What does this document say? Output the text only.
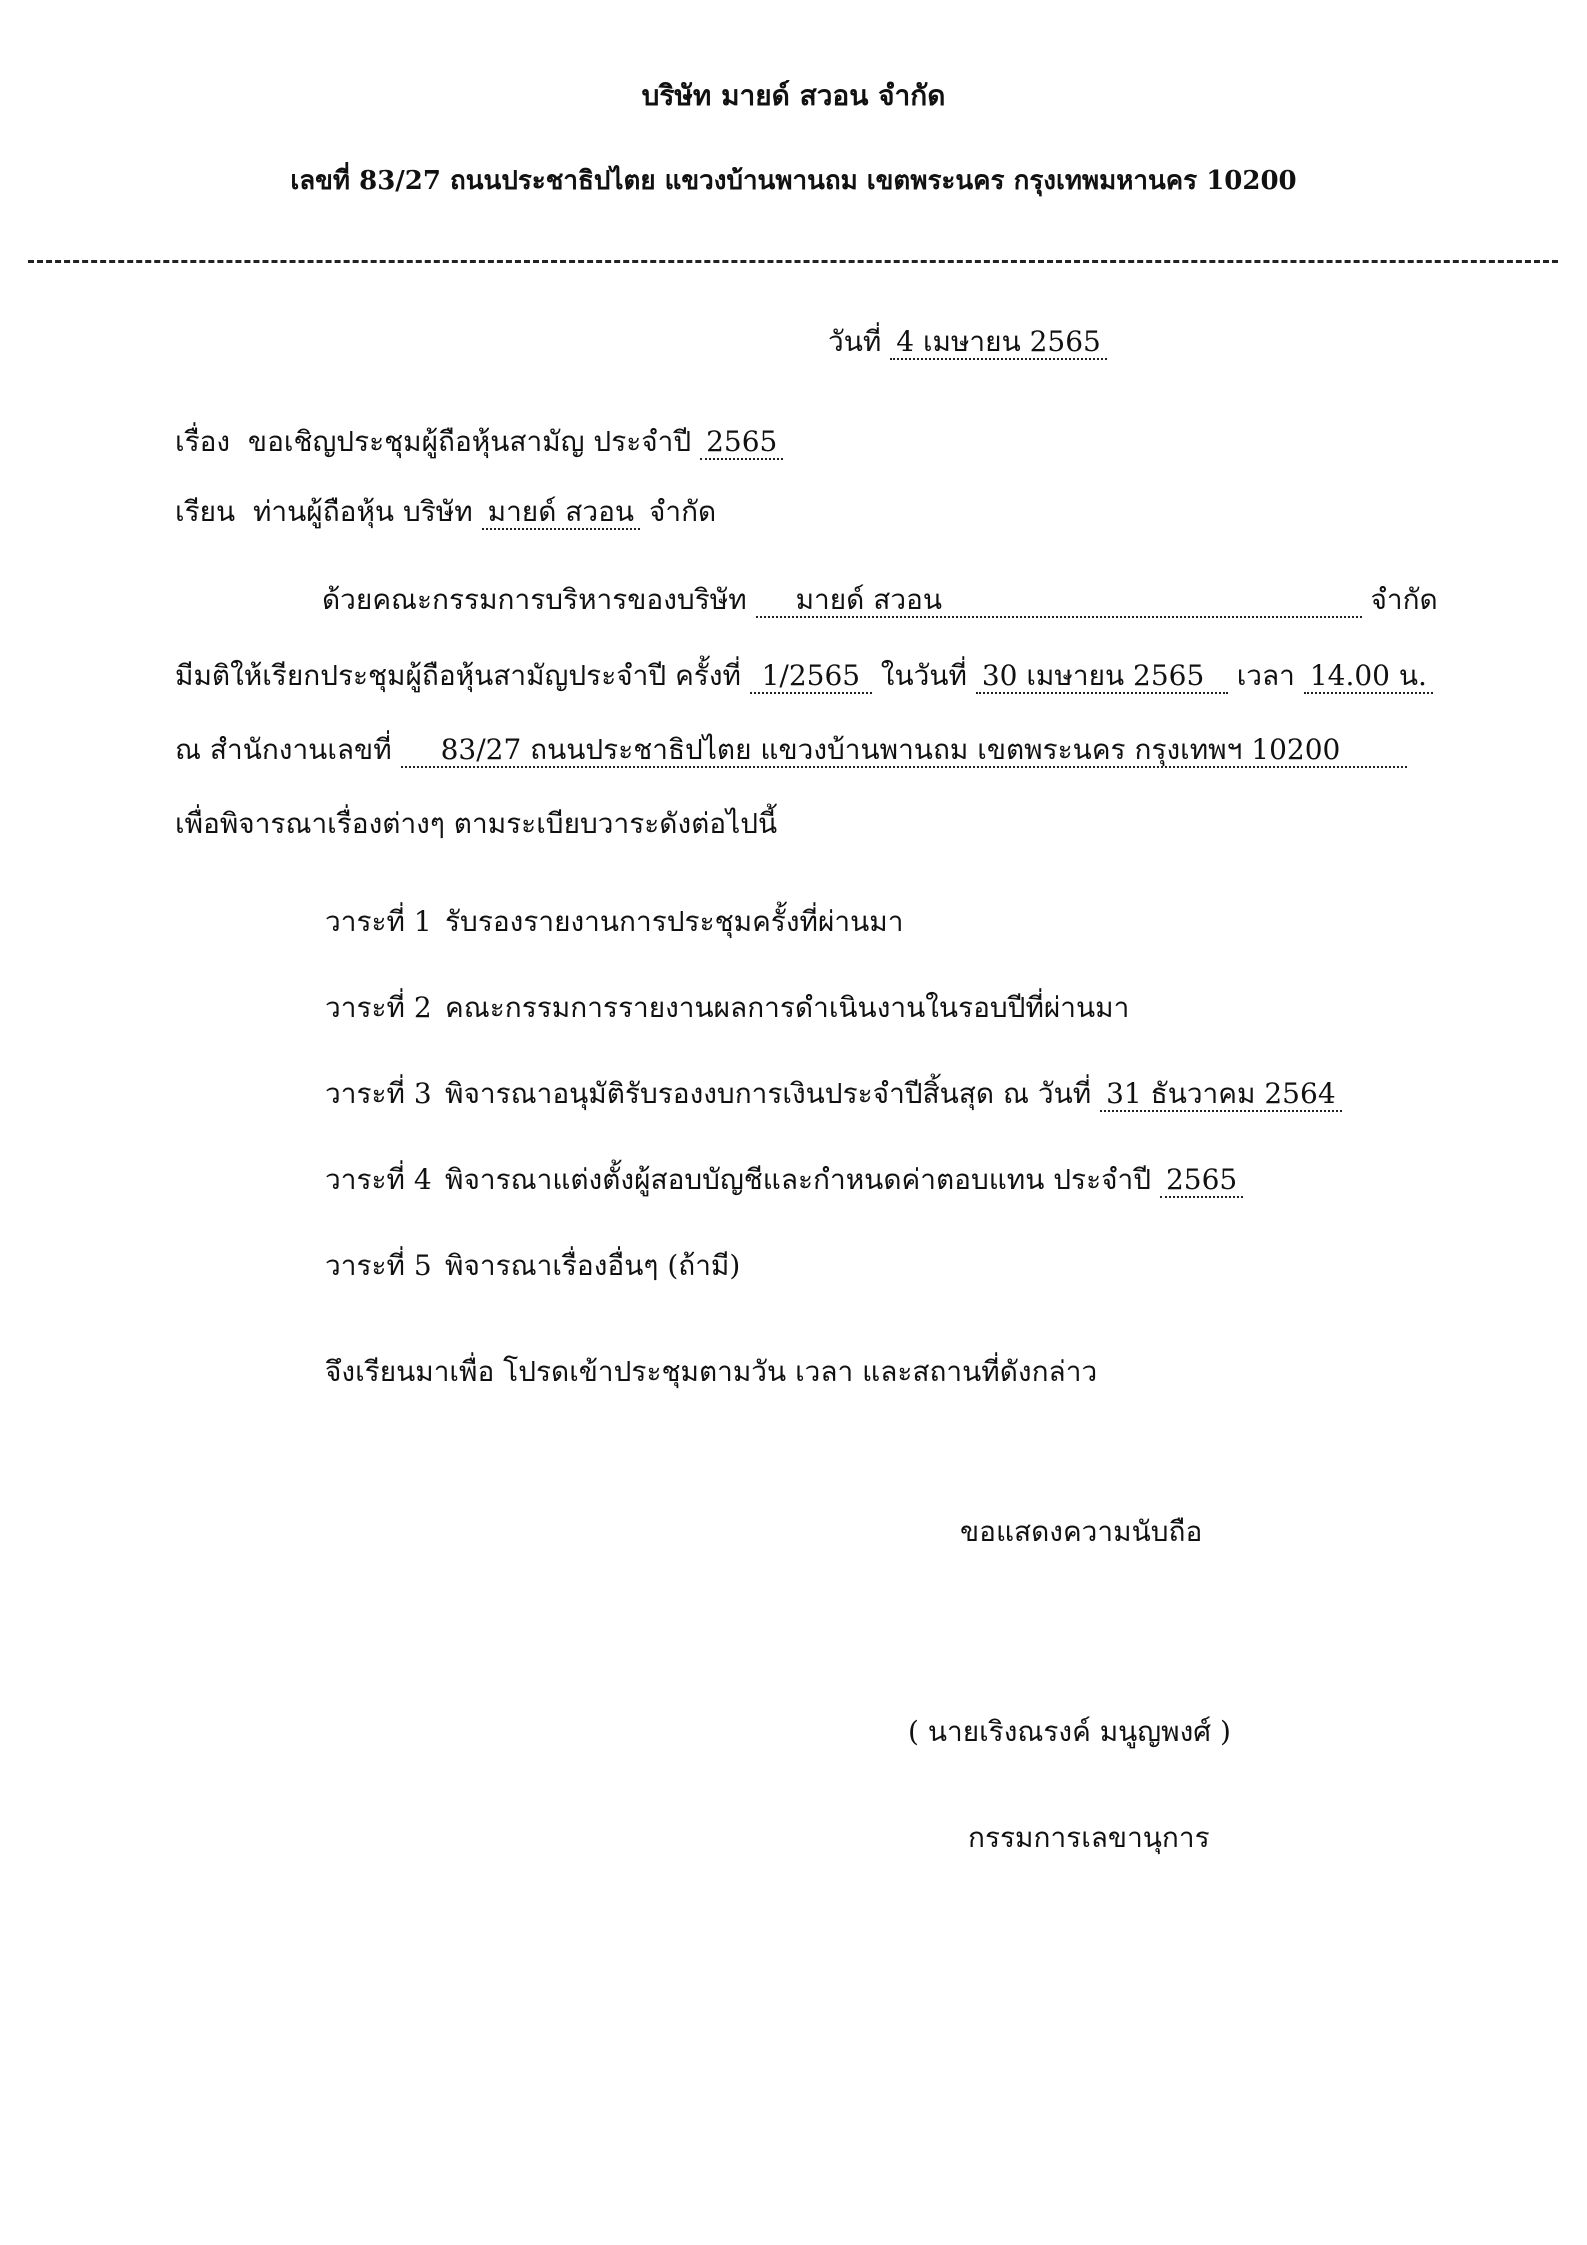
บริษัท มายด์ สวอน จำกัด
เลขที่ 83/27 ถนนประชาธิปไตย แขวงบ้านพานถม เขตพระนคร กรุงเทพมหานคร 10200
วันที่ 4 เมษายน 2565
เรื่อง ขอเชิญประชุมผู้ถือหุ้นสามัญ ประจำปี 2565
เรียน ท่านผู้ถือหุ้น บริษัท มายด์ สวอน จำกัด
ด้วยคณะกรรมการบริหารของบริษัท มายด์ สวอน	จำกัด
มีมติให้เรียกประชุมผู้ถือหุ้นสามัญประจำปี ครั้งที่ 1/2565 ในวันที่ 30 เมษายน 2565 เวลา 14.00 น.
ณ สำนักงานเลขที่ 83/27 ถนนประชาธิปไตย แขวงบ้านพานถม เขตพระนคร กรุงเทพฯ 10200
เพื่อพิจารณาเรื่องต่างๆ ตามระเบียบวาระดังต่อไปนี้
วาระที่ 1 รับรองรายงานการประชุมครั้งที่ผ่านมา
วาระที่ 2 คณะกรรมการรายงานผลการดำเนินงานในรอบปีที่ผ่านมา
วาระที่ 3 พิจารณาอนุมัติรับรองงบการเงินประจำปีสิ้นสุด ณ วันที่ 31 ธันวาคม 2564
วาระที่ 4 พิจารณาแต่งตั้งผู้สอบบัญชีและกำหนดค่าตอบแทน ประจำปี 2565
วาระที่ 5 พิจารณาเรื่องอื่นๆ (ถ้ามี)
จึงเรียนมาเพื่อ โปรดเข้าประชุมตามวัน เวลา และสถานที่ดังกล่าว
ขอแสดงความนับถือ
( นายเริงณรงค์ มนูญพงศ์ )
กรรมการเลขานุการ
